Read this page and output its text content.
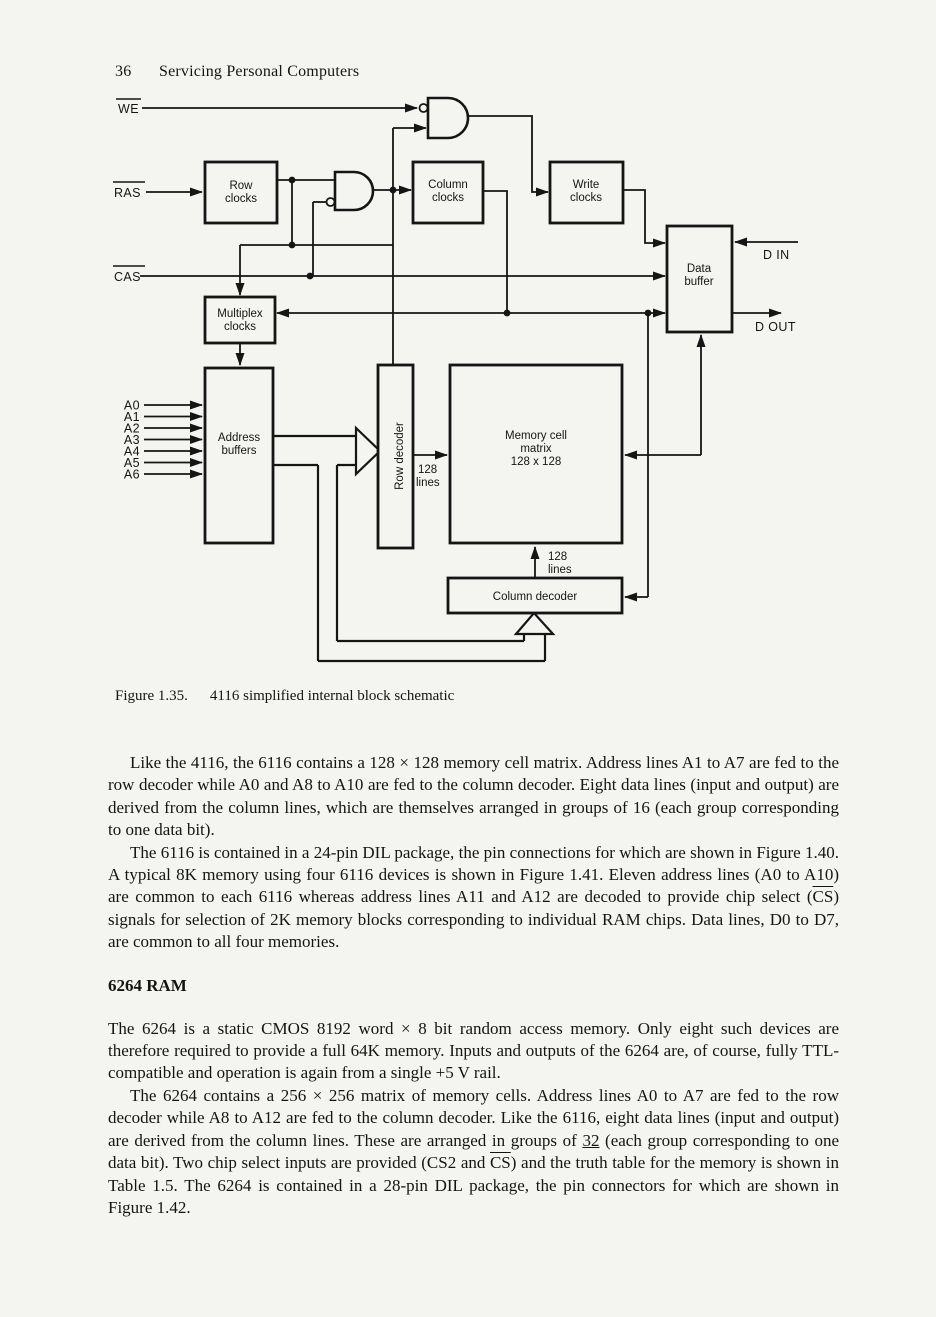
36 Servicing Personal Computers
Row clocks
Column clocks
Write clocks
Data buffer
Multiplex clocks
Address buffers
Memory cell matrix 128 x 128
Column decoder
Row decoder
WE
RAS
CAS
D IN
D OUT
A0
A1
A2
A3
A4
A5
A6	128
lines
128
lines
Figure 1.35. 4116 simplified internal block schematic

Like the 4116, the 6116 contains a 128 × 128 memory cell matrix. Address lines A1 to A7 are fed to the row decoder while A0 and A8 to A10 are fed to the column decoder. Eight data lines (input and output) are derived from the column lines, which are themselves arranged in groups of 16 (each group corresponding to one data bit).

The 6116 is contained in a 24-pin DIL package, the pin connections for which are shown in Figure 1.40. A typical 8K memory using four 6116 devices is shown in Figure 1.41. Eleven address lines (A0 to A10) are common to each 6116 whereas address lines A11 and A12 are decoded to provide chip select $(\overline{CS})$ signals for selection of 2K memory blocks corresponding to individual RAM chips. Data lines, D0 to D7, are common to all four memories.

6264 RAM

The 6264 is a static CMOS 8192 word × 8 bit random access memory. Only eight such devices are therefore required to provide a full 64K memory. Inputs and outputs of the 6264 are, of course, fully TTL-compatible and operation is again from a single +5 V rail.

The 6264 contains a 256 × 256 matrix of memory cells. Address lines A0 to A7 are fed to the row decoder while A8 to A12 are fed to the column decoder. Like the 6116, eight data lines (input and output) are derived from the column lines. These are arranged in groups of 32 (each group corresponding to one data bit). Two chip select inputs are provided (CS2 and $\overline{CS}$) and the truth table for the memory is shown in Table 1.5. The 6264 is contained in a 28-pin DIL package, the pin connectors for which are shown in Figure 1.42.
